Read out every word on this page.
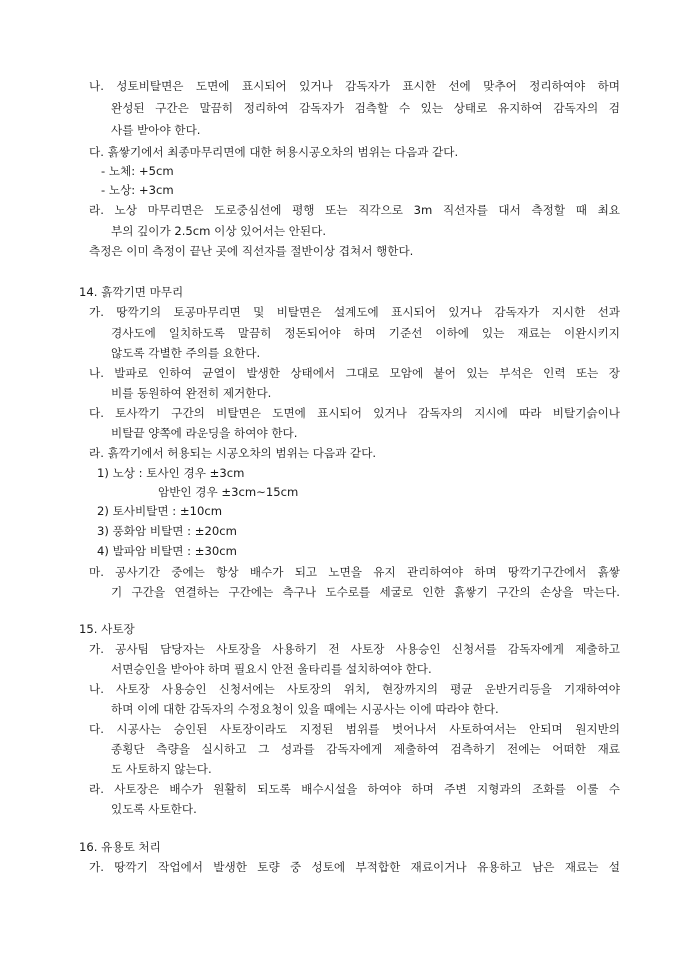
나. 성토비탈면은 도면에 표시되어 있거나 감독자가 표시한 선에 맞추어 정리하여야 하며
완성된 구간은 말끔히 정리하여 감독자가 검측할 수 있는 상태로 유지하여 감독자의 검
사를 받아야 한다.
다. 흙쌓기에서 최종마무리면에 대한 허용시공오차의 범위는 다음과 같다.
- 노체: +5cm
- 노상: +3cm
라. 노상 마무리면은 도로중심선에 평행 또는 직각으로 3m 직선자를 대서 측정할 때 최요
부의 깊이가 2.5cm 이상 있어서는 안된다.
측정은 이미 측정이 끝난 곳에 직선자를 절반이상 겹쳐서 행한다.
14. 흙깍기면 마무리
가. 땅깍기의 토공마무리면 및 비탈면은 설계도에 표시되어 있거나 감독자가 지시한 선과
경사도에 일치하도록 말끔히 정돈되어야 하며 기준선 이하에 있는 재료는 이완시키지
않도록 각별한 주의를 요한다.
나. 발파로 인하여 균열이 발생한 상태에서 그대로 모암에 붙어 있는 부석은 인력 또는 장
비를 동원하여 완전히 제거한다.
다. 토사깍기 구간의 비탈면은 도면에 표시되어 있거나 감독자의 지시에 따라 비탈기슭이나
비탈끝 양쪽에 라운딩을 하여야 한다.
라. 흙깍기에서 허용되는 시공오차의 범위는 다음과 같다.
1) 노상 : 토사인 경우 ±3cm
암반인 경우 ±3cm∼15cm
2) 토사비탈면 : ±10cm
3) 풍화암 비탈면 : ±20cm
4) 발파암 비탈면 : ±30cm
마. 공사기간 중에는 항상 배수가 되고 노면을 유지 관리하여야 하며 땅깍기구간에서 흙쌓
기 구간을 연결하는 구간에는 측구나 도수로를 세굴로 인한 흙쌓기 구간의 손상을 막는다.
15. 사토장
가. 공사팀 담당자는 사토장을 사용하기 전 사토장 사용승인 신청서를 감독자에게 제출하고
서면승인을 받아야 하며 필요시 안전 울타리를 설치하여야 한다.
나. 사토장 사용승인 신청서에는 사토장의 위치, 현장까지의 평균 운반거리등을 기재하여야
하며 이에 대한 감독자의 수정요청이 있을 때에는 시공사는 이에 따라야 한다.
다. 시공사는 승인된 사토장이라도 지정된 범위를 벗어나서 사토하여서는 안되며 원지반의
종횡단 측량을 실시하고 그 성과를 감독자에게 제출하여 검측하기 전에는 어떠한 재료
도 사토하지 않는다.
라. 사토장은 배수가 원활히 되도록 배수시설을 하여야 하며 주변 지형과의 조화를 이룰 수
있도록 사토한다.
16. 유용토 처리
가. 땅깍기 작업에서 발생한 토량 중 성토에 부적합한 재료이거나 유용하고 남은 재료는 설
